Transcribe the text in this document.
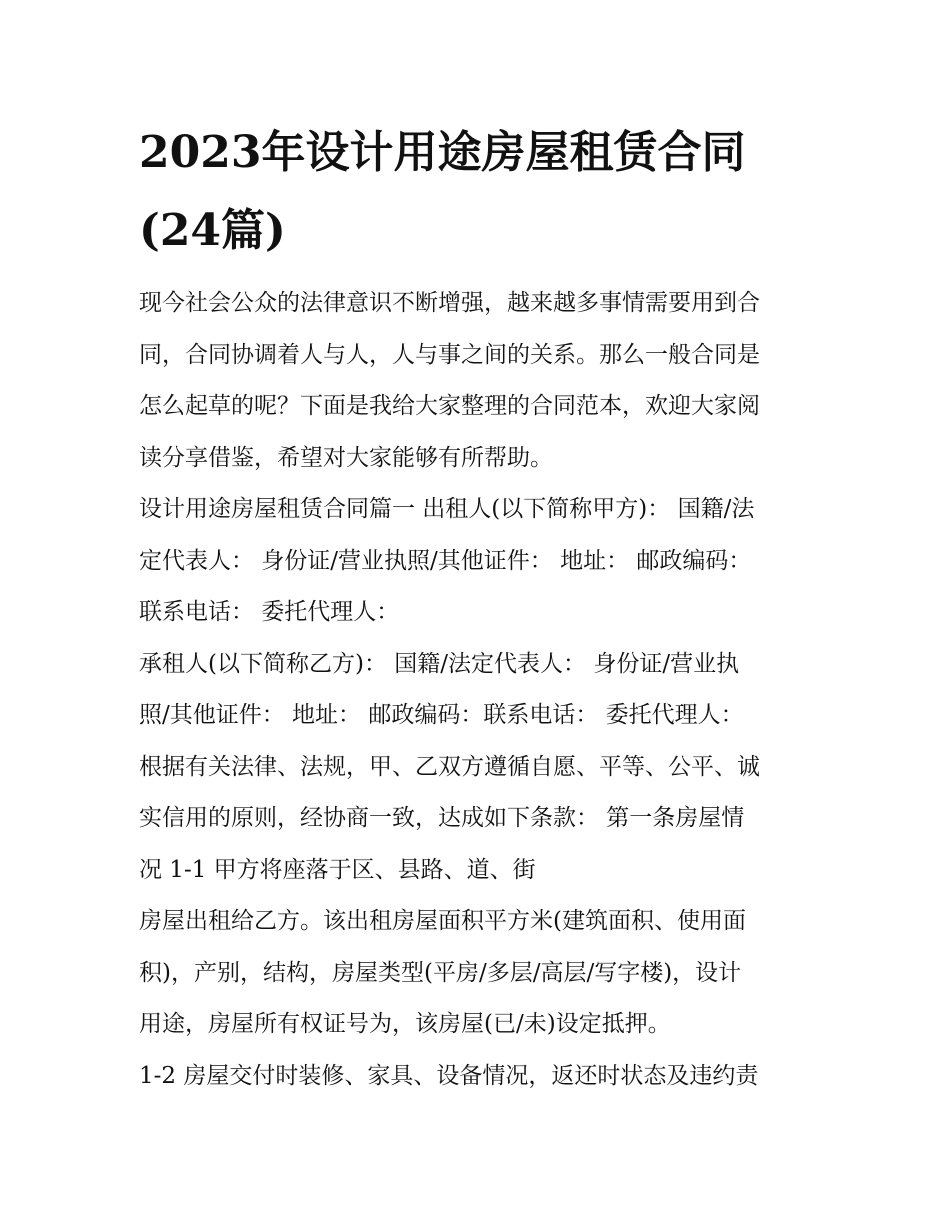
2023年设计用途房屋租赁合同
(24篇)
现今社会公众的法律意识不断增强，越来越多事情需要用到合
同，合同协调着人与人，人与事之间的关系。那么一般合同是
怎么起草的呢？下面是我给大家整理的合同范本，欢迎大家阅
读分享借鉴，希望对大家能够有所帮助。
设计用途房屋租赁合同篇一 出租人(以下简称甲方)： 国籍/法
定代表人： 身份证/营业执照/其他证件： 地址： 邮政编码：
联系电话： 委托代理人：
承租人(以下简称乙方)： 国籍/法定代表人： 身份证/营业执
照/其他证件： 地址： 邮政编码：联系电话： 委托代理人：
根据有关法律、法规，甲、乙双方遵循自愿、平等、公平、诚
实信用的原则，经协商一致，达成如下条款： 第一条房屋情
况 1-1 甲方将座落于区、县路、道、街
房屋出租给乙方。该出租房屋面积平方米(建筑面积、使用面
积)，产别，结构，房屋类型(平房/多层/高层/写字楼)，设计
用途，房屋所有权证号为，该房屋(已/未)设定抵押。
1-2 房屋交付时装修、家具、设备情况，返还时状态及违约责
